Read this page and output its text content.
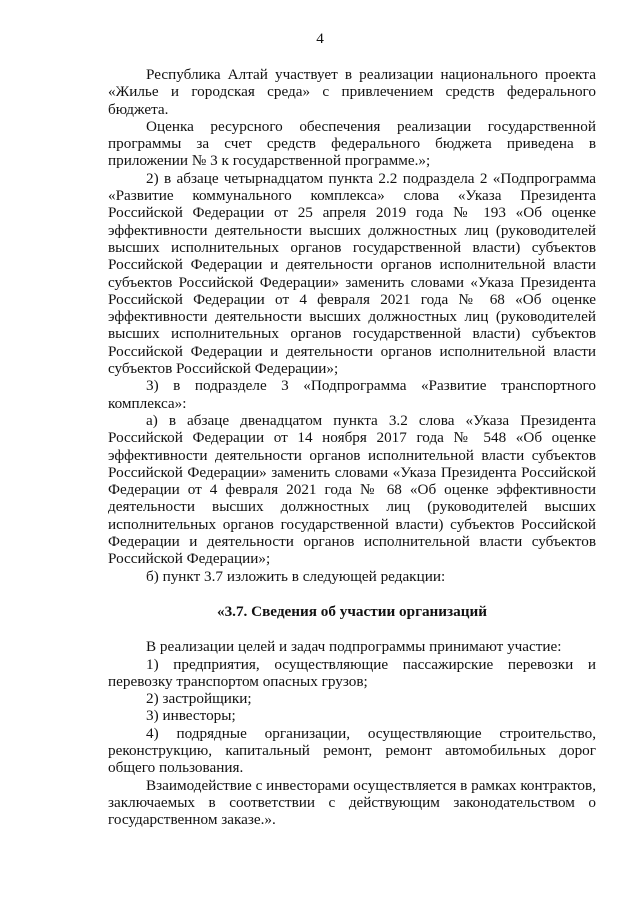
4

Республика Алтай участвует в реализации национального проекта «Жилье и городская среда» с привлечением средств федерального бюджета.

Оценка ресурсного обеспечения реализации государственной программы за счет средств федерального бюджета приведена в приложении № 3 к государственной программе.»;

2) в абзаце четырнадцатом пункта 2.2 подраздела 2 «Подпрограмма «Развитие коммунального комплекса» слова «Указа Президента Российской Федерации от 25 апреля 2019 года № 193 «Об оценке эффективности деятельности высших должностных лиц (руководителей высших исполнительных органов государственной власти) субъектов Российской Федерации и деятельности органов исполнительной власти субъектов Российской Федерации» заменить словами «Указа Президента Российской Федерации от 4 февраля 2021 года № 68 «Об оценке эффективности деятельности высших должностных лиц (руководителей высших исполнительных органов государственной власти) субъектов Российской Федерации и деятельности органов исполнительной власти субъектов Российской Федерации»;

3) в подразделе 3 «Подпрограмма «Развитие транспортного комплекса»:

а) в абзаце двенадцатом пункта 3.2 слова «Указа Президента Российской Федерации от 14 ноября 2017 года № 548 «Об оценке эффективности деятельности органов исполнительной власти субъектов Российской Федерации» заменить словами «Указа Президента Российской Федерации от 4 февраля 2021 года № 68 «Об оценке эффективности деятельности высших должностных лиц (руководителей высших исполнительных органов государственной власти) субъектов Российской Федерации и деятельности органов исполнительной власти субъектов Российской Федерации»;

б) пункт 3.7 изложить в следующей редакции:

«3.7. Сведения об участии организаций

В реализации целей и задач подпрограммы принимают участие:

1) предприятия, осуществляющие пассажирские перевозки и перевозку транспортом опасных грузов;

2) застройщики;

3) инвесторы;

4) подрядные организации, осуществляющие строительство, реконструкцию, капитальный ремонт, ремонт автомобильных дорог общего пользования.

Взаимодействие с инвесторами осуществляется в рамках контрактов, заключаемых в соответствии с действующим законодательством о государственном заказе.».
